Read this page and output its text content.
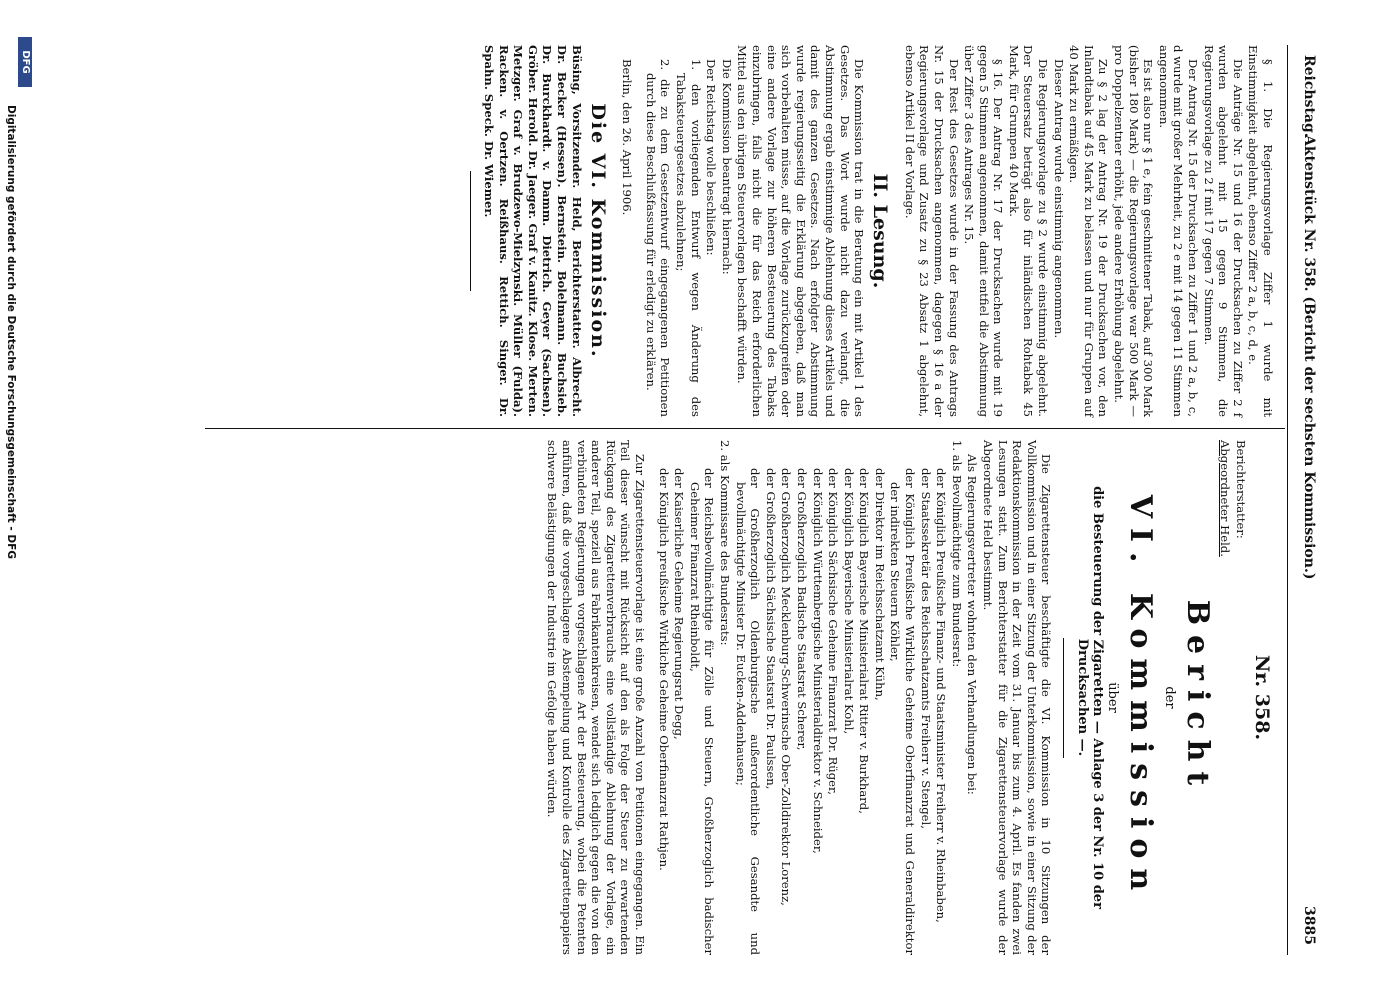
Reichstag.
Aktenstück Nr. 358. (Bericht der sechsten Kommission.)
3885

§ 1. Die Regierungsvorlage Ziffer 1 wurde mit Einstimmigkeit abgelehnt, ebenso Ziffer 2 a, b, c, d, e.

Die Anträge Nr. 15 und 16 der Drucksachen zu Ziffer 2 f wurden abgelehnt mit 15 gegen 9 Stimmen, die Regierungsvorlage zu 2 f mit 17 gegen 7 Stimmen.

Der Antrag Nr. 15 der Drucksachen zu Ziffer 1 und 2 a, b, c, d wurde mit großer Mehrheit, zu 2 e mit 14 gegen 11 Stimmen angenommen.

Es ist also nur § 1 e, fein geschnittener Tabak, auf 300 Mark (bisher 180 Mark) — die Regierungsvorlage war 500 Mark — pro Doppelzentner erhöht, jede andere Erhöhung abgelehnt.

Zu § 2 lag der Antrag Nr. 19 der Drucksachen vor, den Inlandtabak auf 45 Mark zu belassen und nur für Gruppen auf 40 Mark zu ermäßigen.

Dieser Antrag wurde einstimmig angenommen.

Die Regierungsvorlage zu § 2 wurde einstimmig abgelehnt. Der Steuersatz beträgt also für inländischen Rohtabak 45 Mark, für Grumpen 40 Mark.

§ 16. Der Antrag Nr. 17 der Drucksachen wurde mit 19 gegen 5 Stimmen angenommen, damit entfiel die Abstimmung über Ziffer 3 des Antrages Nr. 15.

Der Rest des Gesetzes wurde in der Fassung des Antrags Nr. 15 der Drucksachen angenommen, dagegen § 16 a der Regierungsvorlage und Zusatz zu § 23 Absatz 1 abgelehnt, ebenso Artikel II der Vorlage.

II. Lesung.

Die Kommission trat in die Beratung ein mit Artikel 1 des Gesetzes. Das Wort wurde nicht dazu verlangt, die Abstimmung ergab einstimmige Ablehnung dieses Artikels und damit des ganzen Gesetzes. Nach erfolgter Abstimmung wurde regierungsseitig die Erklärung abgegeben, daß man sich vorbehalten müsse, auf die Vorlage zurückzugreifen oder eine andere Vorlage zur höheren Besteuerung des Tabaks einzubringen, falls nicht die für das Reich erforderlichen Mittel aus den übrigen Steuervorlagen beschafft würden.

Die Kommission beantragt hiernach:

Der Reichstag wolle beschließen:

1. den vorliegenden Entwurf wegen Änderung des Tabaksteuergesetzes abzulehnen;

2. die zu dem Gesetzentwurf eingegangenen Petitionen durch diese Beschlußfassung für erledigt zu erklären.

Berlin, den 26. April 1906.

Die VI. Kommission.

Büsing, Vorsitzender. Held, Berichterstatter. Albrecht. Dr. Becker (Hessen). Bernstein. Bolelmann. Buchsieb. Dr. Burckhardt. v. Damm. Dietrich. Geyer (Sachsen). Gröber. Herold. Dr. Jaeger. Graf v. Kanitz. Klose. Merten. Metzger. Graf v. Brudzewo-Mielzynski. Müller (Fulda). Racken. v. Oertzen. Reißhaus. Rettich. Singer. Dr. Spahn. Speck. Dr. Wiemer.

Nr. 358.

Berichterstatter:

Abgeordneter Held.

Bericht

der

VI. Kommission

über

die Besteuerung der Zigaretten — Anlage 3 der Nr. 10 der Drucksachen —.

Die Zigarettensteuer beschäftigte die VI. Kommission in 10 Sitzungen der Vollkommission und in einer Sitzung der Unterkommission, sowie in einer Sitzung der Redaktionskommission in der Zeit vom 31. Januar bis zum 4. April. Es fanden zwei Lesungen statt. Zum Berichterstatter für die Zigarettensteuervorlage wurde der Abgeordnete Held bestimmt.

Als Regierungsvertreter wohnten den Verhandlungen bei:

1. als Bevollmächtigte zum Bundesrat:

der Königlich Preußische Finanz- und Staatsminister Freiherr v. Rheinbaben,

der Staatssekretär des Reichsschatzamts Freiherr v. Stengel,

der Königlich Preußische Wirkliche Geheime Oberfinanzrat und Generaldirektor der indirekten Steuern Köhler,

der Direktor im Reichsschatzamt Kühn,

der Königlich Bayerische Ministerialrat Ritter v. Burkhard,

der Königlich Bayerische Ministerialrat Kohl,

der Königlich Sächsische Geheime Finanzrat Dr. Rüger,

der Königlich Württembergische Ministerialdirektor v. Schneider,

der Großherzoglich Badische Staatsrat Scherer,

der Großherzoglich Mecklenburg-Schwerinsche Ober-Zolldirektor Lorenz,

der Großherzoglich Sächsische Staatsrat Dr. Paulssen,

der Großherzoglich Oldenburgische außerordentliche Gesandte und bevollmächtigte Minister Dr. Eucken-Addenhausen;

2. als Kommissare des Bundesrats:

der Reichsbevollmächtigte für Zölle und Steuern, Großherzoglich badischer Geheimer Finanzrat Rheinboldt,

der Kaiserliche Geheime Regierungsrat Degg,

der Königlich preußische Wirkliche Geheime Oberfinanzrat Rathjen.

Zur Zigarettensteuervorlage ist eine große Anzahl von Petitionen eingegangen. Ein Teil dieser wünscht mit Rücksicht auf den als Folge der Steuer zu erwartenden Rückgang des Zigarettenverbrauchs eine vollständige Ablehnung der Vorlage, ein anderer Teil, speziell aus Fabrikantenkreisen, wendet sich lediglich gegen die von den verbündeten Regierungen vorgeschlagene Art der Besteuerung, wobei die Petenten anführen, daß die vorgeschlagene Abstempelung und Kontrolle des Zigarettenpapiers schwere Belästigungen der Industrie im Gefolge haben würden.

DFG
Digitalisierung gefördert durch die Deutsche Forschungsgemeinschaft - DFG
